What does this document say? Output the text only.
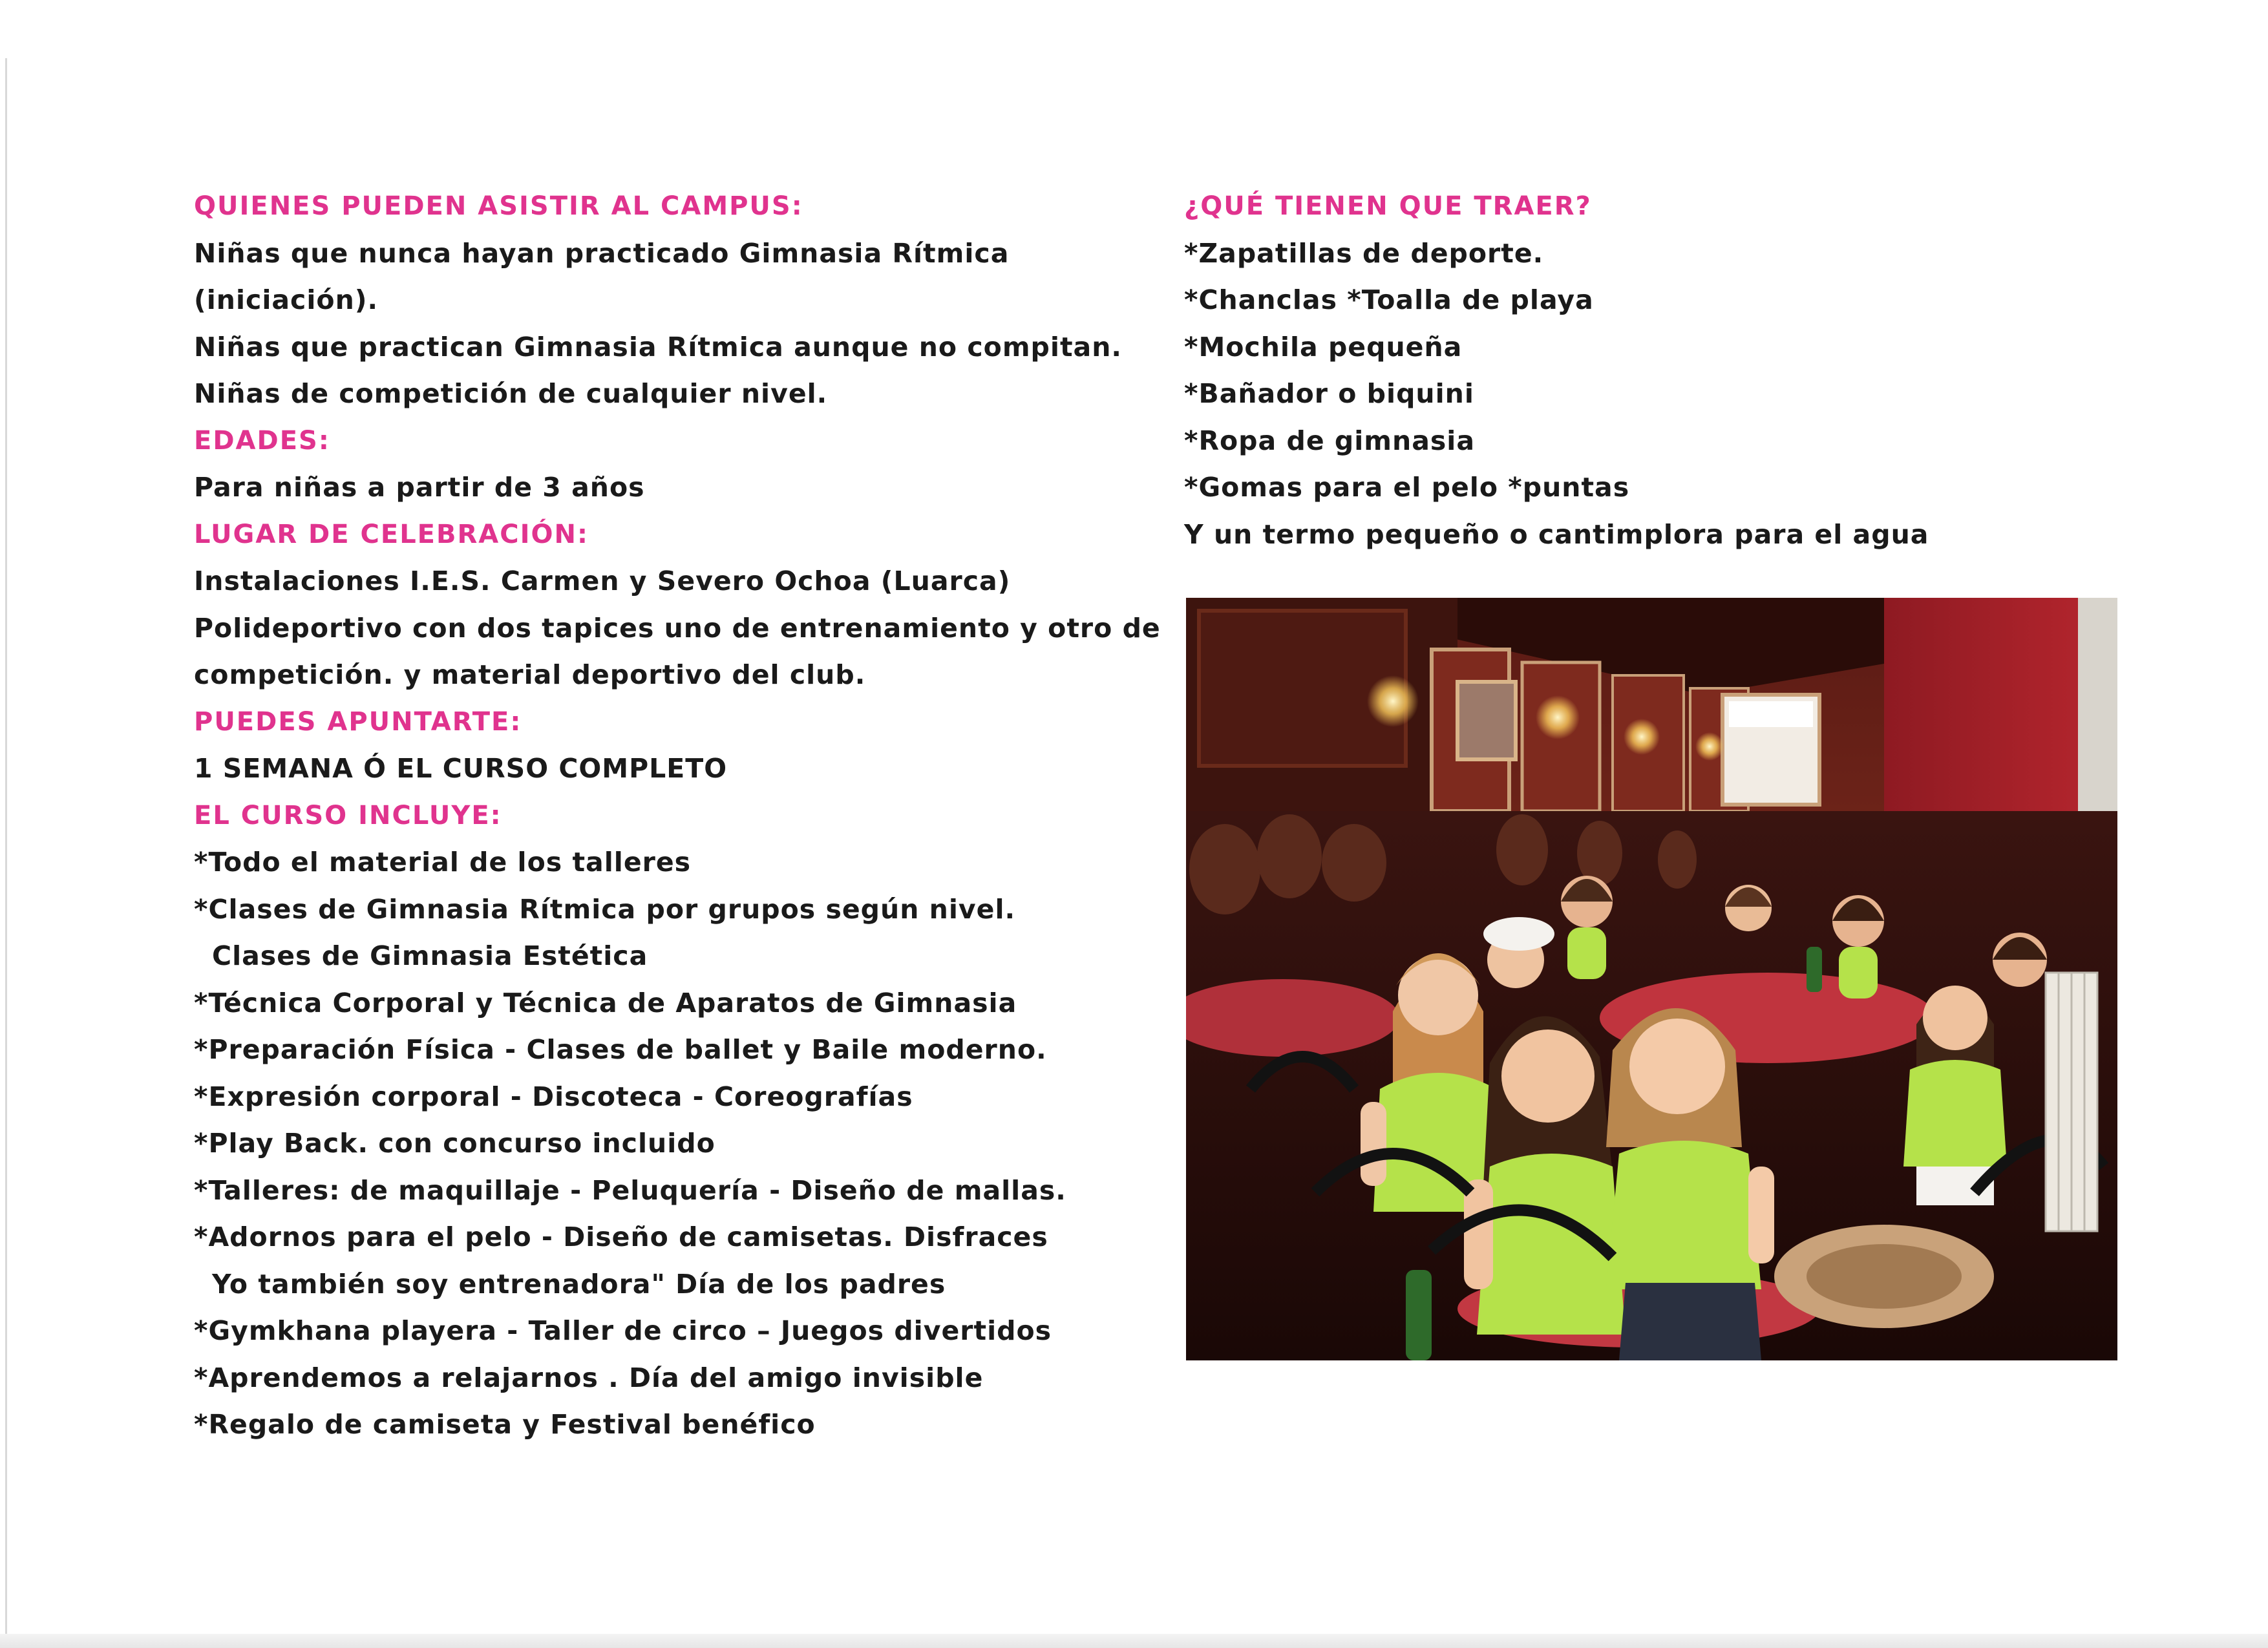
QUIENES PUEDEN ASISTIR AL CAMPUS:
Niñas que nunca hayan practicado Gimnasia Rítmica
(iniciación).
Niñas que practican Gimnasia Rítmica aunque no compitan.
Niñas de competición de cualquier nivel.
EDADES:
Para niñas a partir de 3 años
LUGAR DE CELEBRACIÓN:
Instalaciones I.E.S. Carmen y Severo Ochoa (Luarca)
Polideportivo con dos tapices uno de entrenamiento y otro de
competición. y material deportivo del club.
PUEDES APUNTARTE:
1 SEMANA Ó EL CURSO COMPLETO
EL CURSO INCLUYE:
*Todo el material de los talleres
*Clases de Gimnasia Rítmica por grupos según nivel.
Clases de Gimnasia Estética
*Técnica Corporal y Técnica de Aparatos de Gimnasia
*Preparación Física - Clases de ballet y Baile moderno.
*Expresión corporal - Discoteca - Coreografías
*Play Back. con concurso incluido
*Talleres: de maquillaje - Peluquería - Diseño de mallas.
*Adornos para el pelo - Diseño de camisetas. Disfraces
Yo también soy entrenadora" Día de los padres
*Gymkhana playera - Taller de circo – Juegos divertidos
*Aprendemos a relajarnos . Día del amigo invisible
*Regalo de camiseta y Festival benéfico
¿QUÉ TIENEN QUE TRAER?
*Zapatillas de deporte.
*Chanclas *Toalla de playa
*Mochila pequeña
*Bañador o biquini
*Ropa de gimnasia
*Gomas para el pelo *puntas
Y un termo pequeño o cantimplora para el agua
